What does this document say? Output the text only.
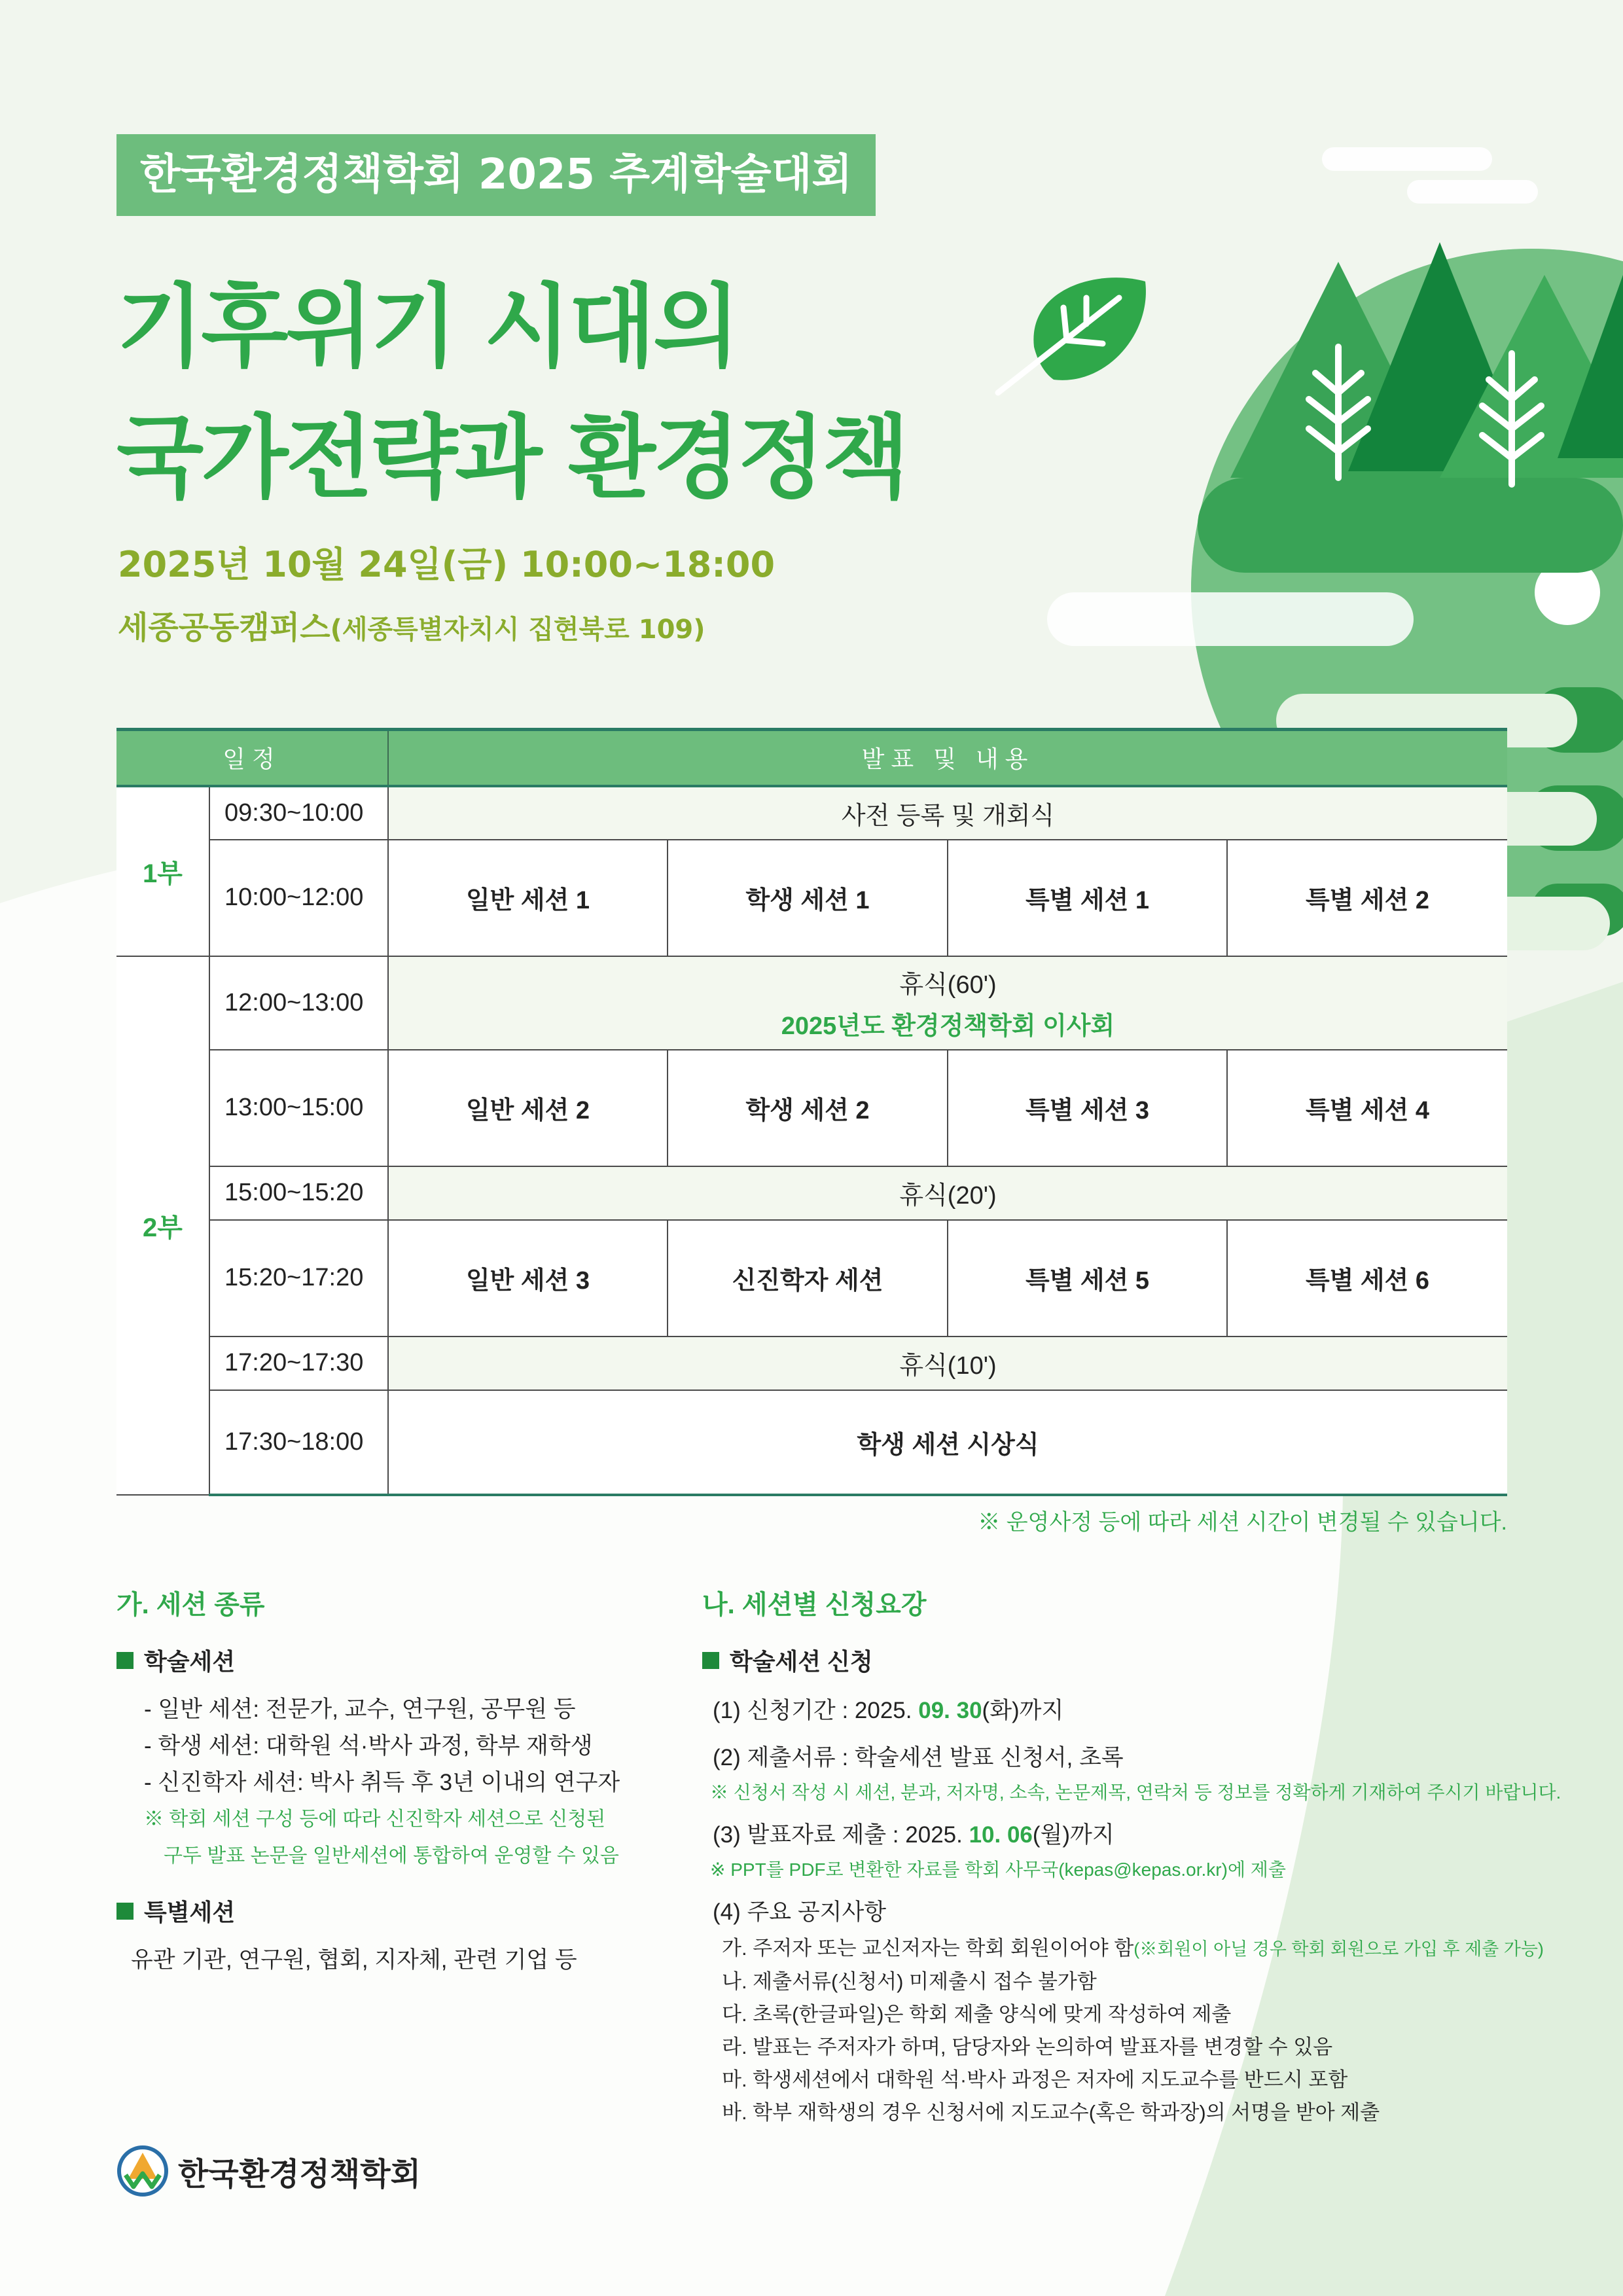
한국환경정책학회 2025 추계학술대회
기후위기 시대의
국가전략과 환경정책
2025년 10월 24일(금) 10:00~18:00
세종공동캠퍼스(세종특별자치시 집현북로 109)
일정		발표 및 내용			
1부	09:30~10:00	사전 등록 및 개회식			
	10:00~12:00	일반 세션 1	학생 세션 1	특별 세션 1	특별 세션 2
2부	12:00~13:00	휴식(60')
2025년도 환경정책학회 이사회			

	13:00~15:00	일반 세션 2	학생 세션 2	특별 세션 3	특별 세션 4
	15:00~15:20	휴식(20')			
	15:20~17:20	일반 세션 3	신진학자 세션	특별 세션 5	특별 세션 6
	17:20~17:30	휴식(10')			
	17:30~18:00	학생 세션 시상식			
※ 운영사정 등에 따라 세션 시간이 변경될 수 있습니다.
가. 세션 종류
학술세션
- 일반 세션: 전문가, 교수, 연구원, 공무원 등
- 학생 세션: 대학원 석·박사 과정, 학부 재학생
- 신진학자 세션: 박사 취득 후 3년 이내의 연구자
※ 학회 세션 구성 등에 따라 신진학자 세션으로 신청된
구두 발표 논문을 일반세션에 통합하여 운영할 수 있음
특별세션
유관 기관, 연구원, 협회, 지자체, 관련 기업 등
나. 세션별 신청요강
학술세션 신청
(1) 신청기간 : 2025. 09. 30(화)까지
(2) 제출서류 : 학술세션 발표 신청서, 초록
※ 신청서 작성 시 세션, 분과, 저자명, 소속, 논문제목, 연락처 등 정보를 정확하게 기재하여 주시기 바랍니다.
(3) 발표자료 제출 : 2025. 10. 06(월)까지
※ PPT를 PDF로 변환한 자료를 학회 사무국(kepas@kepas.or.kr)에 제출
(4) 주요 공지사항
가. 주저자 또는 교신저자는 학회 회원이어야 함(※회원이 아닐 경우 학회 회원으로 가입 후 제출 가능)
나. 제출서류(신청서) 미제출시 접수 불가함
다. 초록(한글파일)은 학회 제출 양식에 맞게 작성하여 제출
라. 발표는 주저자가 하며, 담당자와 논의하여 발표자를 변경할 수 있음
마. 학생세션에서 대학원 석·박사 과정은 저자에 지도교수를 반드시 포함
바. 학부 재학생의 경우 신청서에 지도교수(혹은 학과장)의 서명을 받아 제출
한국환경정책학회
